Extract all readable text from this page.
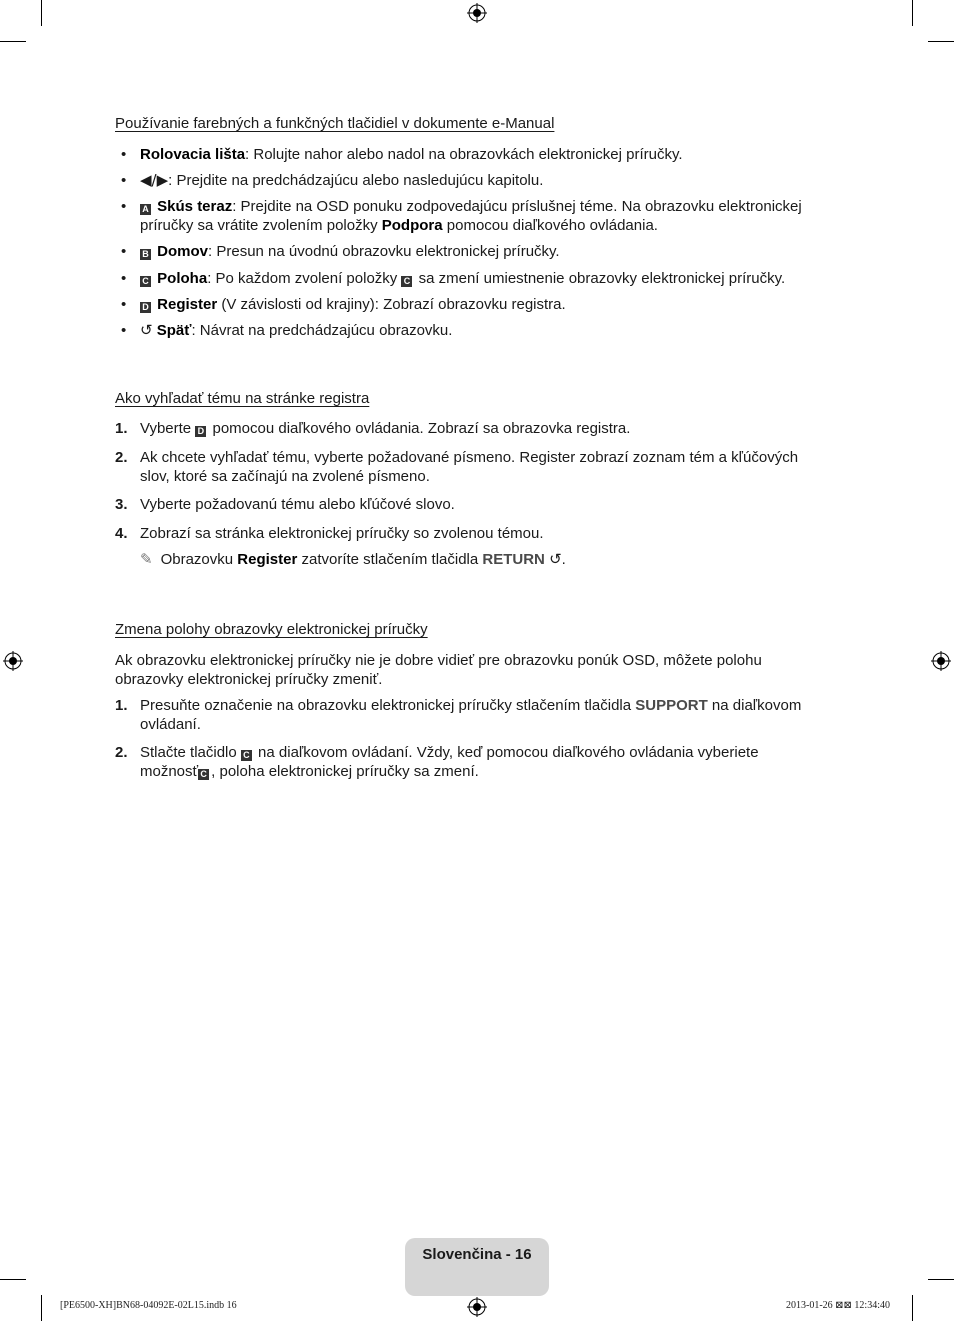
Používanie farebných a funkčných tlačidiel v dokumente e-Manual
• Rolovacia lišta: Rolujte nahor alebo nadol na obrazovkách elektronickej príručky.
• ◀/▶: Prejdite na predchádzajúcu alebo nasledujúcu kapitolu.
•	A Skús teraz: Prejdite na OSD ponuku zodpovedajúcu príslušnej téme. Na obrazovku elektronickej príručky sa vrátite zvolením položky Podpora pomocou diaľkového ovládania.
•	B Domov: Presun na úvodnú obrazovku elektronickej príručky.
•	C Poloha: Po každom zvolení položky C sa zmení umiestnenie obrazovky elektronickej príručky.
•	D Register (V závislosti od krajiny): Zobrazí obrazovku registra.
• ↺ Späť: Návrat na predchádzajúcu obrazovku.
Ako vyhľadať tému na stránke registra
1. Vyberte D pomocou diaľkového ovládania. Zobrazí sa obrazovka registra.
2. Ak chcete vyhľadať tému, vyberte požadované písmeno. Register zobrazí zoznam tém a kľúčových slov, ktoré sa začínajú na zvolené písmeno.
3. Vyberte požadovanú tému alebo kľúčové slovo.
4. Zobrazí sa stránka elektronickej príručky so zvolenou témou.
✎ Obrazovku Register zatvoríte stlačením tlačidla RETURN ↺.
Zmena polohy obrazovky elektronickej príručky
Ak obrazovku elektronickej príručky nie je dobre vidieť pre obrazovku ponúk OSD, môžete polohu obrazovky elektronickej príručky zmeniť.
1. Presuňte označenie na obrazovku elektronickej príručky stlačením tlačidla SUPPORT na diaľkovom ovládaní.
2. Stlačte tlačidlo C na diaľkovom ovládaní. Vždy, keď pomocou diaľkového ovládania vyberiete možnosť C , poloha elektronickej príručky sa zmení.
Slovenčina - 16
[PE6500-XH]BN68-04092E-02L15.indb 16	2013-01-26 ⊠⊠ 12:34:40
